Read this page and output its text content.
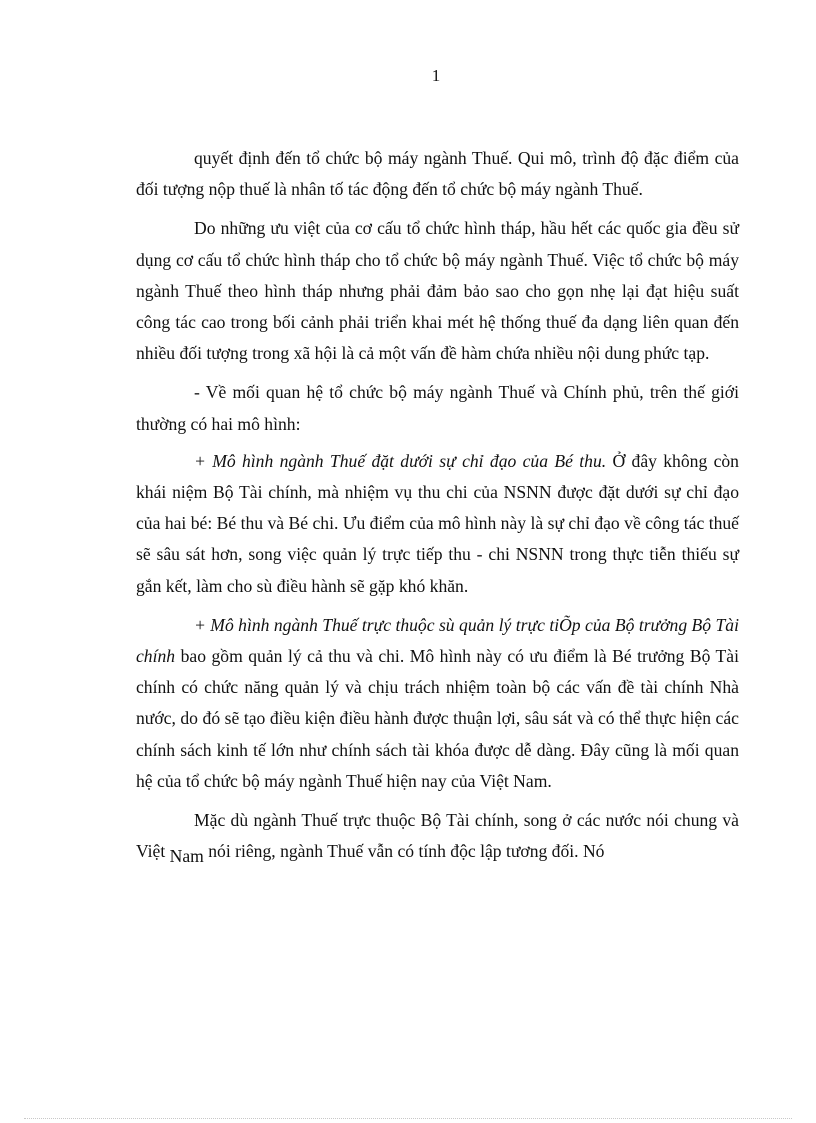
1

quyết định đến tổ chức bộ máy ngành Thuế. Qui mô, trình độ đặc điểm của đối tượng nộp thuế là nhân tố tác động đến tổ chức bộ máy ngành Thuế.

Do những ưu việt của cơ cấu tổ chức hình tháp, hầu hết các quốc gia đều sử dụng cơ cấu tổ chức hình tháp cho tổ chức bộ máy ngành Thuế. Việc tổ chức bộ máy ngành Thuế theo hình tháp nhưng phải đảm bảo sao cho gọn nhẹ lại đạt hiệu suất công tác cao trong bối cảnh phải triển khai mét hệ thống thuế đa dạng liên quan đến nhiều đối tượng trong xã hội là cả một vấn đề hàm chứa nhiều nội dung phức tạp.

- Về mối quan hệ tổ chức bộ máy ngành Thuế và Chính phủ, trên thế giới thường có hai mô hình:

+ Mô hình ngành Thuế đặt dưới sự chỉ đạo của Bé thu. Ở đây không còn khái niệm Bộ Tài chính, mà nhiệm vụ thu chi của NSNN được đặt dưới sự chỉ đạo của hai bé: Bé thu và Bé chi. Ưu điểm của mô hình này là sự chỉ đạo về công tác thuế sẽ sâu sát hơn, song việc quản lý trực tiếp thu - chi NSNN trong thực tiễn thiếu sự gắn kết, làm cho sù điều hành sẽ gặp khó khăn.

+ Mô hình ngành Thuế trực thuộc sù quản lý trực tiÕp của Bộ trưởng Bộ Tài chính bao gồm quản lý cả thu và chi. Mô hình này có ưu điểm là Bé trưởng Bộ Tài chính có chức năng quản lý và chịu trách nhiệm toàn bộ các vấn đề tài chính Nhà nước, do đó sẽ tạo điều kiện điều hành được thuận lợi, sâu sát và có thể thực hiện các chính sách kinh tế lớn như chính sách tài khóa được dễ dàng. Đây cũng là mối quan hệ của tổ chức bộ máy ngành Thuế hiện nay của Việt Nam.

Mặc dù ngành Thuế trực thuộc Bộ Tài chính, song ở các nước nói chung và Việt Nam nói riêng, ngành Thuế vẫn có tính độc lập tương đối. Nó
